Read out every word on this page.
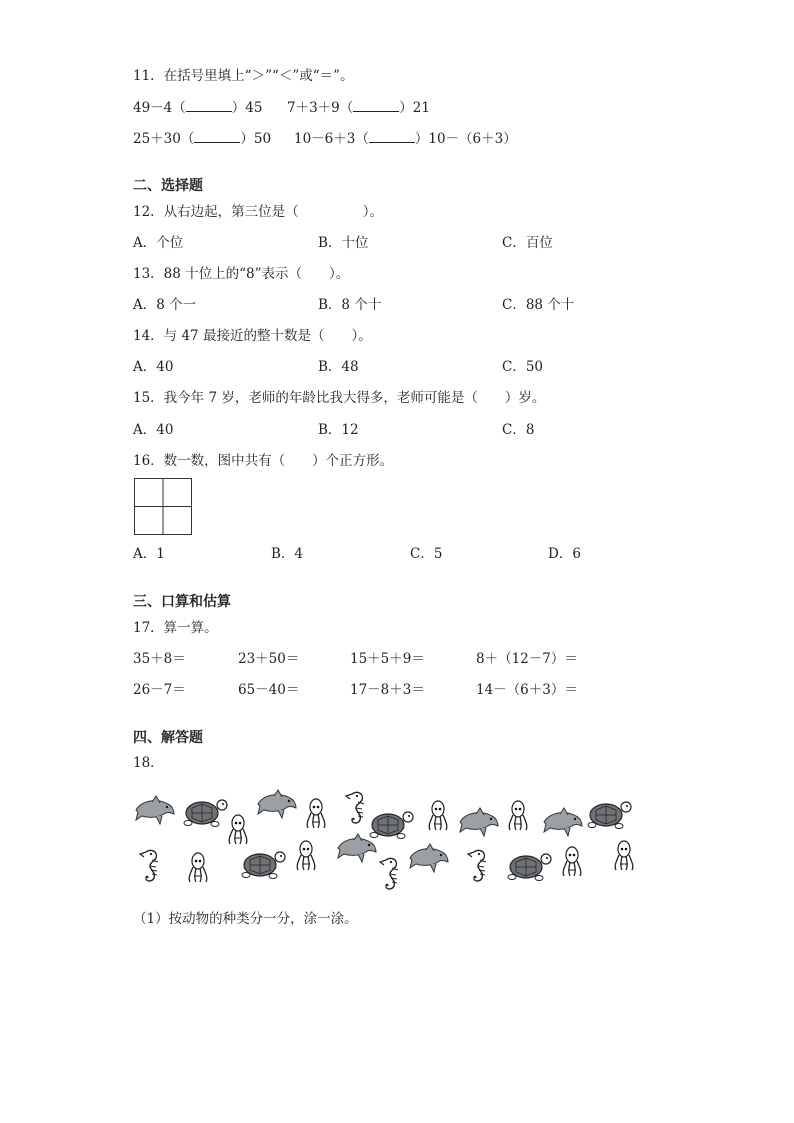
11．在括号里填上“＞”“＜”或“＝”。
49－4（	）45 7＋3＋9（	）21
25＋30（	）50 10－6＋3（	）10－（6＋3）
二、选择题
12．从右边起，第三位是（	）。
A．个位	B．十位	C．百位
13．88 十位上的“8”表示（　　）。
A．8 个一	B．8 个十	C．88 个十
14．与 47 最接近的整十数是（　　）。
A．40	B．48	C．50
15．我今年 7 岁，老师的年龄比我大得多，老师可能是（　　）岁。
A．40	B．12	C．8
16．数一数，图中共有（　　）个正方形。
A．1	B．4	C．5	D．6
三、口算和估算
17．算一算。
35＋8＝	23＋50＝	15＋5＋9＝	8＋（12－7）＝
26－7＝	65－40＝	17－8＋3＝	14－（6＋3）＝
四、解答题
18．
（1）按动物的种类分一分，涂一涂。
